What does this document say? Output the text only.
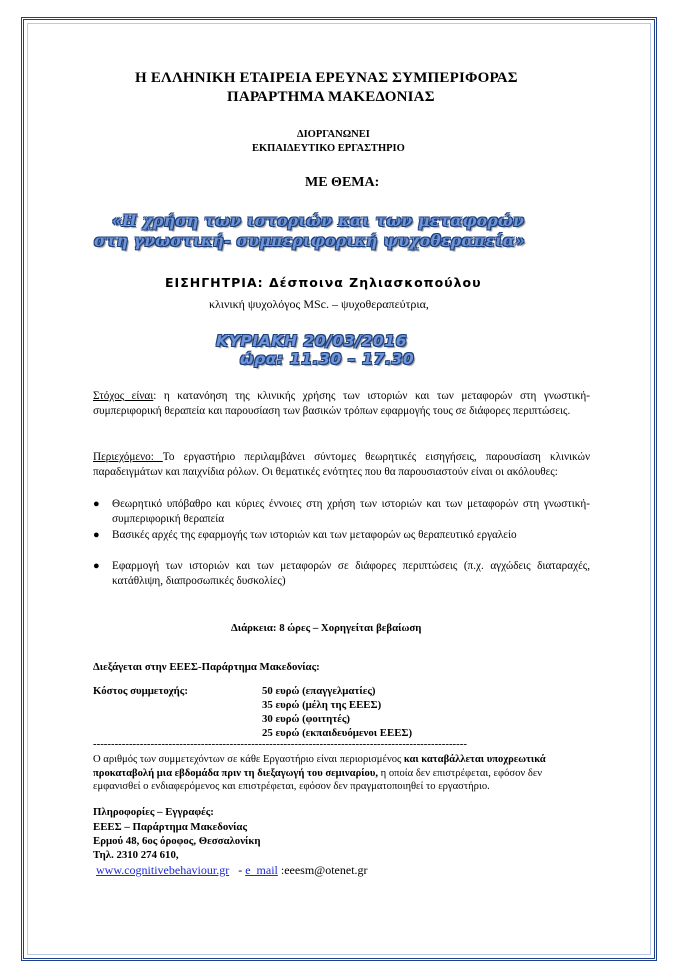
Η ΕΛΛΗΝΙΚΗ ΕΤΑΙΡΕΙΑ ΕΡΕΥΝΑΣ ΣΥΜΠΕΡΙΦΟΡΑΣ
ΠΑΡΑΡΤΗΜΑ ΜΑΚΕΔΟΝΙΑΣ
ΔΙΟΡΓΑΝΩΝΕΙ
ΕΚΠΑΙΔΕΥΤΙΚΟ ΕΡΓΑΣΤΗΡΙΟ
ΜΕ ΘΕΜΑ:
«Η χρήση των ιστοριών και των μεταφορών
στη γνωστική- συμπεριφορική ψυχοθεραπεία»
ΕΙΣΗΓΗΤΡΙΑ: Δέσποινα Ζηλιασκοπούλου
κλινική ψυχολόγος MSc. – ψυχοθεραπεύτρια,
ΚΥΡΙΑΚΗ 20/03/2016
ώρα: 11.30 – 17.30
Στόχος είναι: η κατανόηση της κλινικής χρήσης των ιστοριών και των μεταφορών στη γνωστική- συμπεριφορική θεραπεία και παρουσίαση των βασικών τρόπων εφαρμογής τους σε διάφορες περιπτώσεις.
Περιεχόμενο: Το εργαστήριο περιλαμβάνει σύντομες θεωρητικές εισηγήσεις, παρουσίαση κλινικών παραδειγμάτων και παιχνίδια ρόλων. Οι θεματικές ενότητες που θα παρουσιαστούν είναι οι ακόλουθες:
● Θεωρητικό υπόβαθρο και κύριες έννοιες στη χρήση των ιστοριών και των μεταφορών στη γνωστική- συμπεριφορική θεραπεία
● Βασικές αρχές της εφαρμογής των ιστοριών και των μεταφορών ως θεραπευτικό εργαλείο
● Εφαρμογή των ιστοριών και των μεταφορών σε διάφορες περιπτώσεις (π.χ. αγχώδεις διαταραχές, κατάθλιψη, διαπροσωπικές δυσκολίες)
Διάρκεια: 8 ώρες – Χορηγείται βεβαίωση
Διεξάγεται στην ΕΕΕΣ-Παράρτημα Μακεδονίας:
Κόστος συμμετοχής:	50 ευρώ (επαγγελματίες)
35 ευρώ (μέλη της ΕΕΕΣ)
30 ευρώ (φοιτητές)
25 ευρώ (εκπαιδευόμενοι ΕΕΕΣ)
--------------------------------------------------------------------------------------------------------
Ο αριθμός των συμμετεχόντων σε κάθε Εργαστήριο είναι περιορισμένος και καταβάλλεται υποχρεωτικά προκαταβολή μια εβδομάδα πριν τη διεξαγωγή του σεμιναρίου, η οποία δεν επιστρέφεται, εφόσον δεν εμφανισθεί ο ενδιαφερόμενος και επιστρέφεται, εφόσον δεν πραγματοποιηθεί το εργαστήριο.
Πληροφορίες – Εγγραφές:
ΕΕΕΣ – Παράρτημα Μακεδονίας
Ερμού 48, 6ος όροφος, Θεσσαλονίκη
Τηλ. 2310 274 610,
www.cognitivebehaviour.gr   - e_mail :eeesm@otenet.gr
